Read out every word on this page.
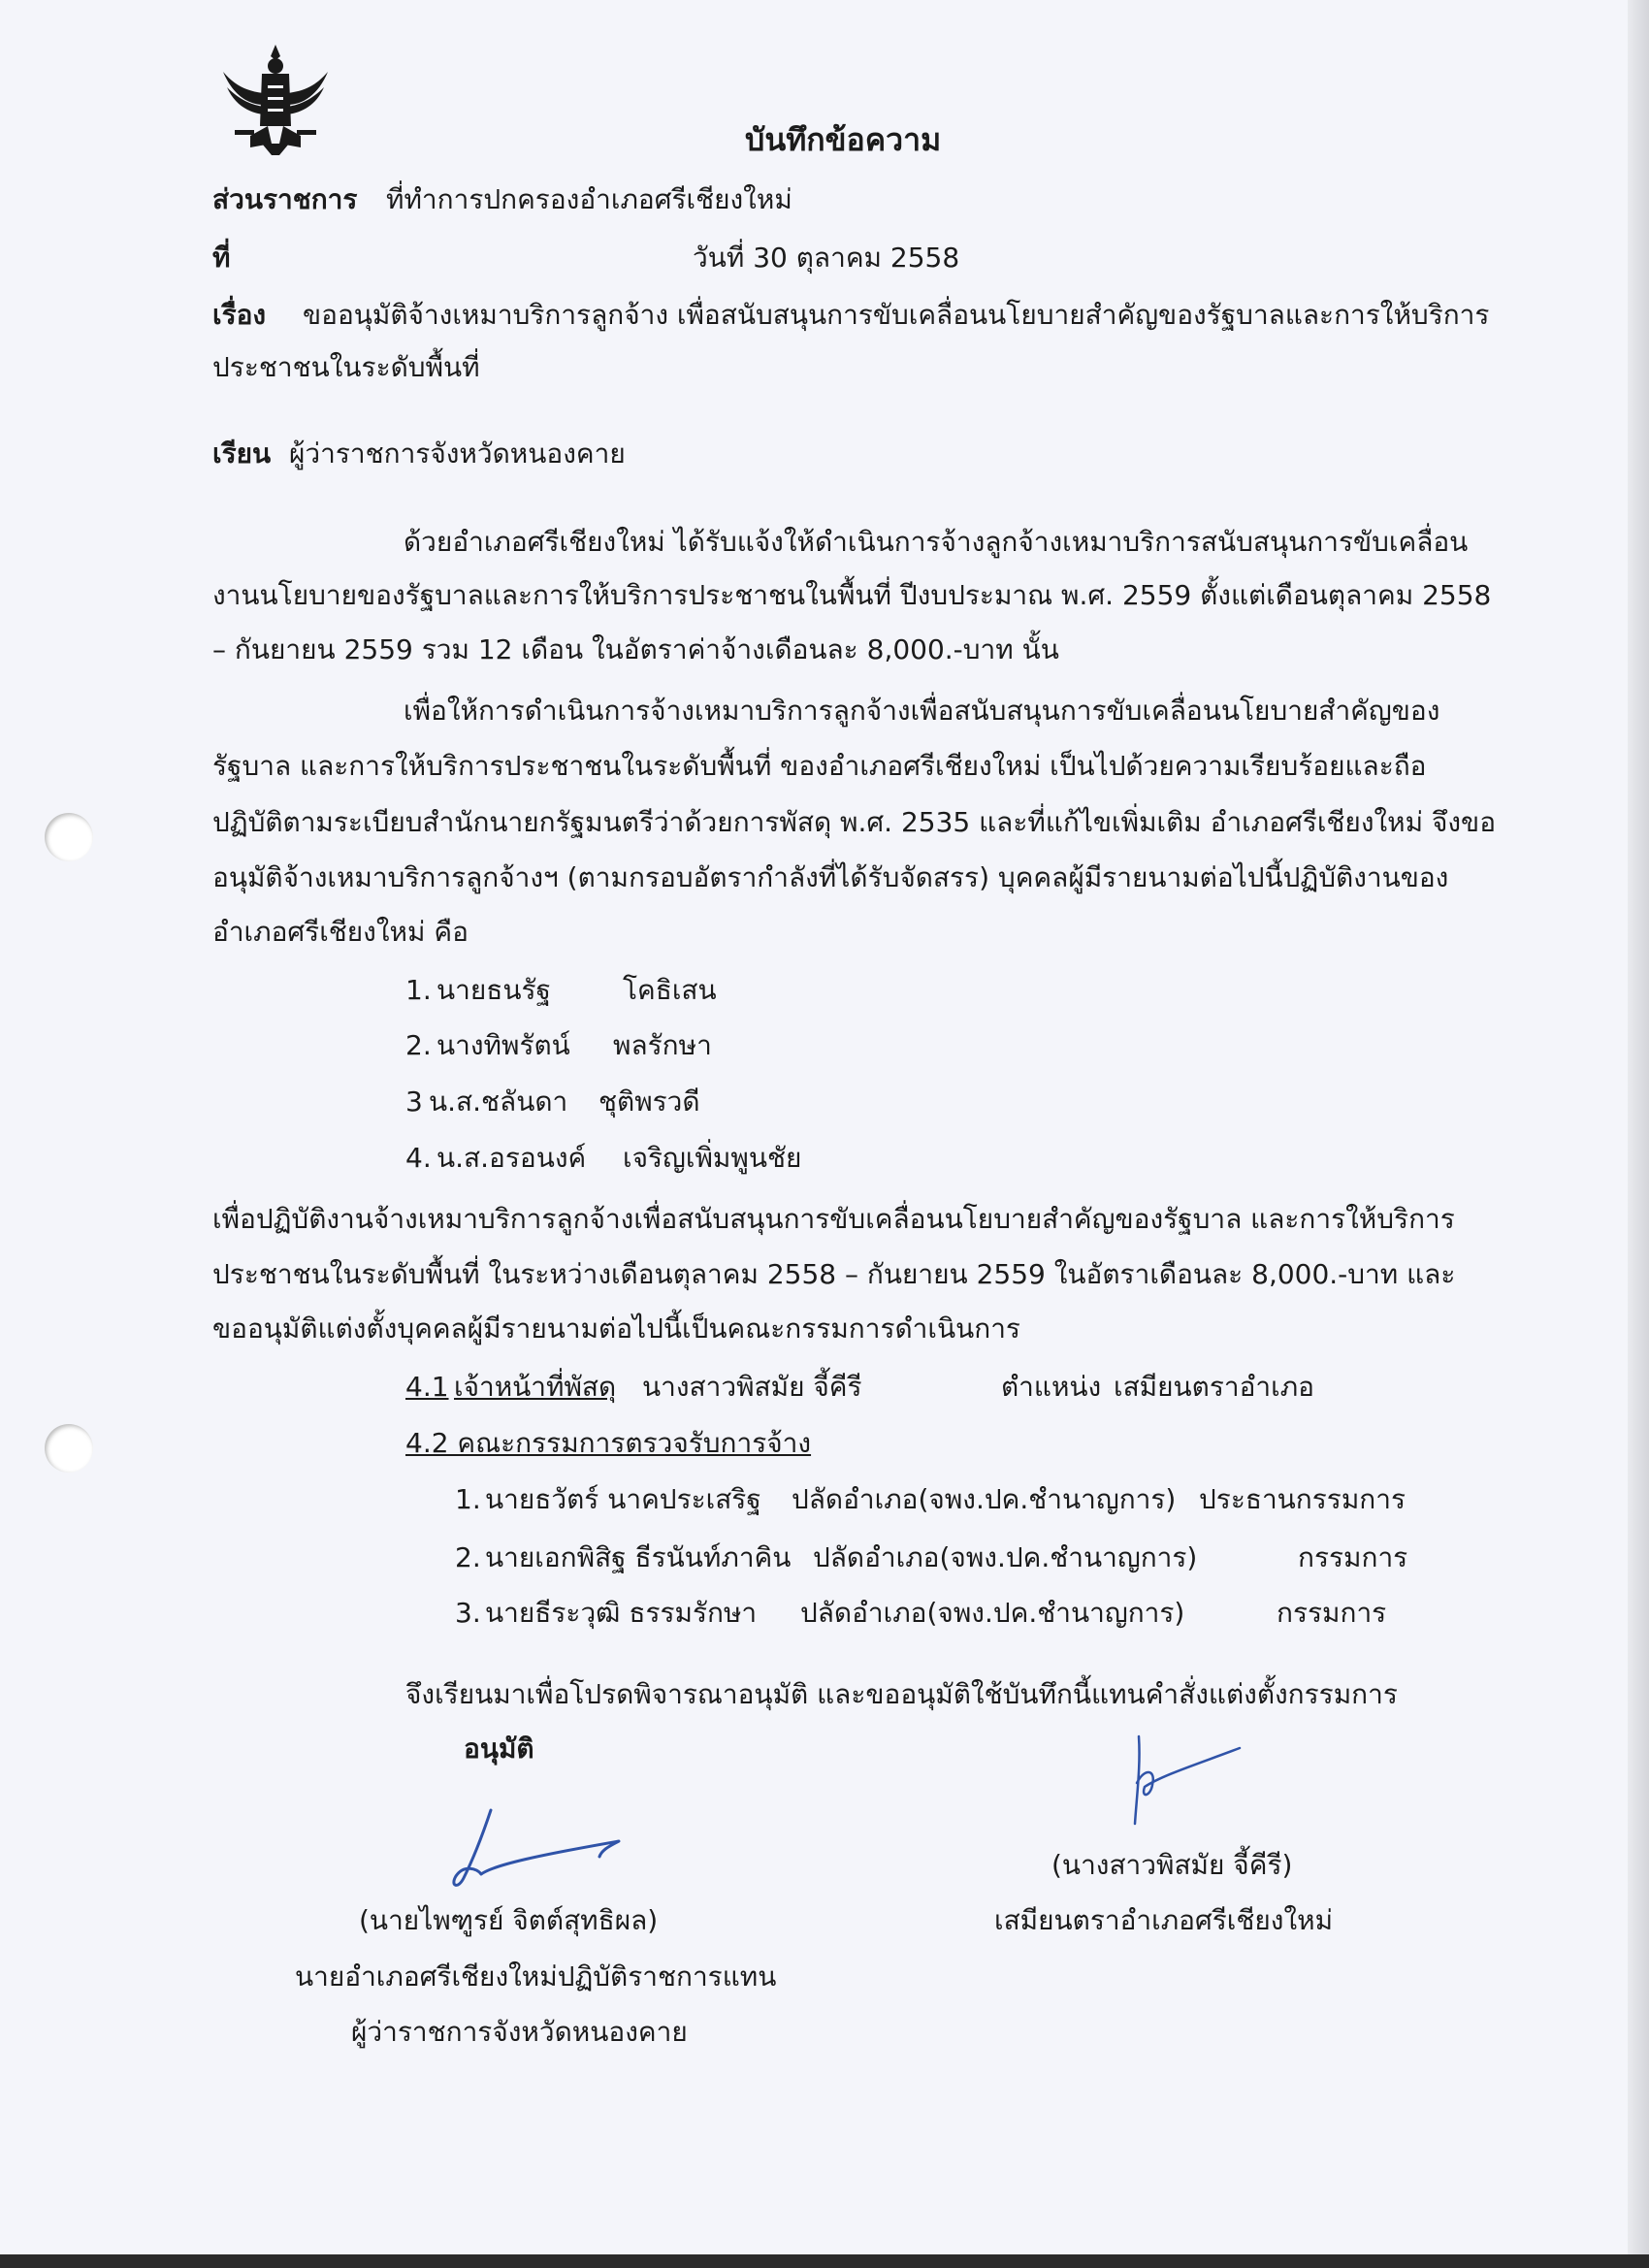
บันทึกข้อความ
ส่วนราชการ ที่ทำการปกครองอำเภอศรีเชียงใหม่
ที่	วันที่ 30 ตุลาคม 2558
เรื่อง ขออนุมัติจ้างเหมาบริการลูกจ้าง เพื่อสนับสนุนการขับเคลื่อนนโยบายสำคัญของรัฐบาลและการให้บริการ
ประชาชนในระดับพื้นที่
เรียน ผู้ว่าราชการจังหวัดหนองคาย
ด้วยอำเภอศรีเชียงใหม่ ได้รับแจ้งให้ดำเนินการจ้างลูกจ้างเหมาบริการสนับสนุนการขับเคลื่อน
งานนโยบายของรัฐบาลและการให้บริการประชาชนในพื้นที่ ปีงบประมาณ พ.ศ. 2559 ตั้งแต่เดือนตุลาคม 2558
– กันยายน 2559 รวม 12 เดือน ในอัตราค่าจ้างเดือนละ 8,000.-บาท นั้น
เพื่อให้การดำเนินการจ้างเหมาบริการลูกจ้างเพื่อสนับสนุนการขับเคลื่อนนโยบายสำคัญของ
รัฐบาล และการให้บริการประชาชนในระดับพื้นที่ ของอำเภอศรีเชียงใหม่ เป็นไปด้วยความเรียบร้อยและถือ
ปฏิบัติตามระเบียบสำนักนายกรัฐมนตรีว่าด้วยการพัสดุ พ.ศ. 2535 และที่แก้ไขเพิ่มเติม อำเภอศรีเชียงใหม่ จึงขอ
อนุมัติจ้างเหมาบริการลูกจ้างฯ (ตามกรอบอัตรากำลังที่ได้รับจัดสรร) บุคคลผู้มีรายนามต่อไปนี้ปฏิบัติงานของ
อำเภอศรีเชียงใหม่ คือ
1. นายธนรัฐ	โคธิเสน
2. นางทิพรัตน์ พลรักษา
3 น.ส.ชลันดา ชุติพรวดี
4. น.ส.อรอนงค์ เจริญเพิ่มพูนชัย
เพื่อปฏิบัติงานจ้างเหมาบริการลูกจ้างเพื่อสนับสนุนการขับเคลื่อนนโยบายสำคัญของรัฐบาล และการให้บริการ
ประชาชนในระดับพื้นที่ ในระหว่างเดือนตุลาคม 2558 – กันยายน 2559 ในอัตราเดือนละ 8,000.-บาท และ
ขออนุมัติแต่งตั้งบุคคลผู้มีรายนามต่อไปนี้เป็นคณะกรรมการดำเนินการ
4.1 เจ้าหน้าที่พัสดุ นางสาวพิสมัย จี้คีรี	ตำแหน่ง เสมียนตราอำเภอ
4.2 คณะกรรมการตรวจรับการจ้าง
1. นายธวัตร์ นาคประเสริฐ ปลัดอำเภอ(จพง.ปค.ชำนาญการ) ประธานกรรมการ
2. นายเอกพิสิฐ ธีรนันท์ภาคิน ปลัดอำเภอ(จพง.ปค.ชำนาญการ)	กรรมการ
3. นายธีระวุฒิ ธรรมรักษา ปลัดอำเภอ(จพง.ปค.ชำนาญการ)	กรรมการ
จึงเรียนมาเพื่อโปรดพิจารณาอนุมัติ และขออนุมัติใช้บันทึกนี้แทนคำสั่งแต่งตั้งกรรมการ
อนุมัติ
(นายไพฑูรย์ จิตต์สุทธิผล)
นายอำเภอศรีเชียงใหม่ปฏิบัติราชการแทน
ผู้ว่าราชการจังหวัดหนองคาย
(นางสาวพิสมัย จี้คีรี)
เสมียนตราอำเภอศรีเชียงใหม่
